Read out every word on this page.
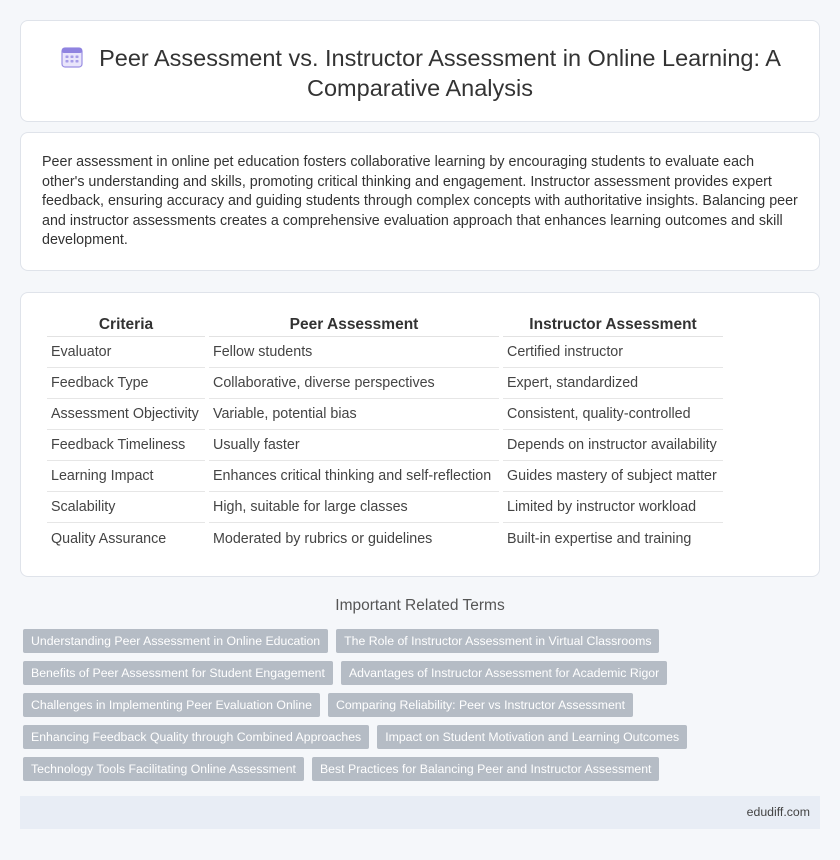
Peer Assessment vs. Instructor Assessment in Online Learning: A Comparative Analysis

Peer assessment in online pet education fosters collaborative learning by encouraging students to evaluate each other's understanding and skills, promoting critical thinking and engagement. Instructor assessment provides expert feedback, ensuring accuracy and guiding students through complex concepts with authoritative insights. Balancing peer and instructor assessments creates a comprehensive evaluation approach that enhances learning outcomes and skill development.

Criteria	Peer Assessment	Instructor Assessment
Evaluator	Fellow students	Certified instructor
Feedback Type	Collaborative, diverse perspectives	Expert, standardized
Assessment Objectivity	Variable, potential bias	Consistent, quality-controlled
Feedback Timeliness	Usually faster	Depends on instructor availability
Learning Impact	Enhances critical thinking and self-reflection	Guides mastery of subject matter
Scalability	High, suitable for large classes	Limited by instructor workload
Quality Assurance	Moderated by rubrics or guidelines	Built-in expertise and training
Important Related Terms
Understanding Peer Assessment in Online Education	The Role of Instructor Assessment in Virtual Classrooms
Benefits of Peer Assessment for Student Engagement	Advantages of Instructor Assessment for Academic Rigor
Challenges in Implementing Peer Evaluation Online	Comparing Reliability: Peer vs Instructor Assessment
Enhancing Feedback Quality through Combined Approaches	Impact on Student Motivation and Learning Outcomes
Technology Tools Facilitating Online Assessment	Best Practices for Balancing Peer and Instructor Assessment
edudiff.com
